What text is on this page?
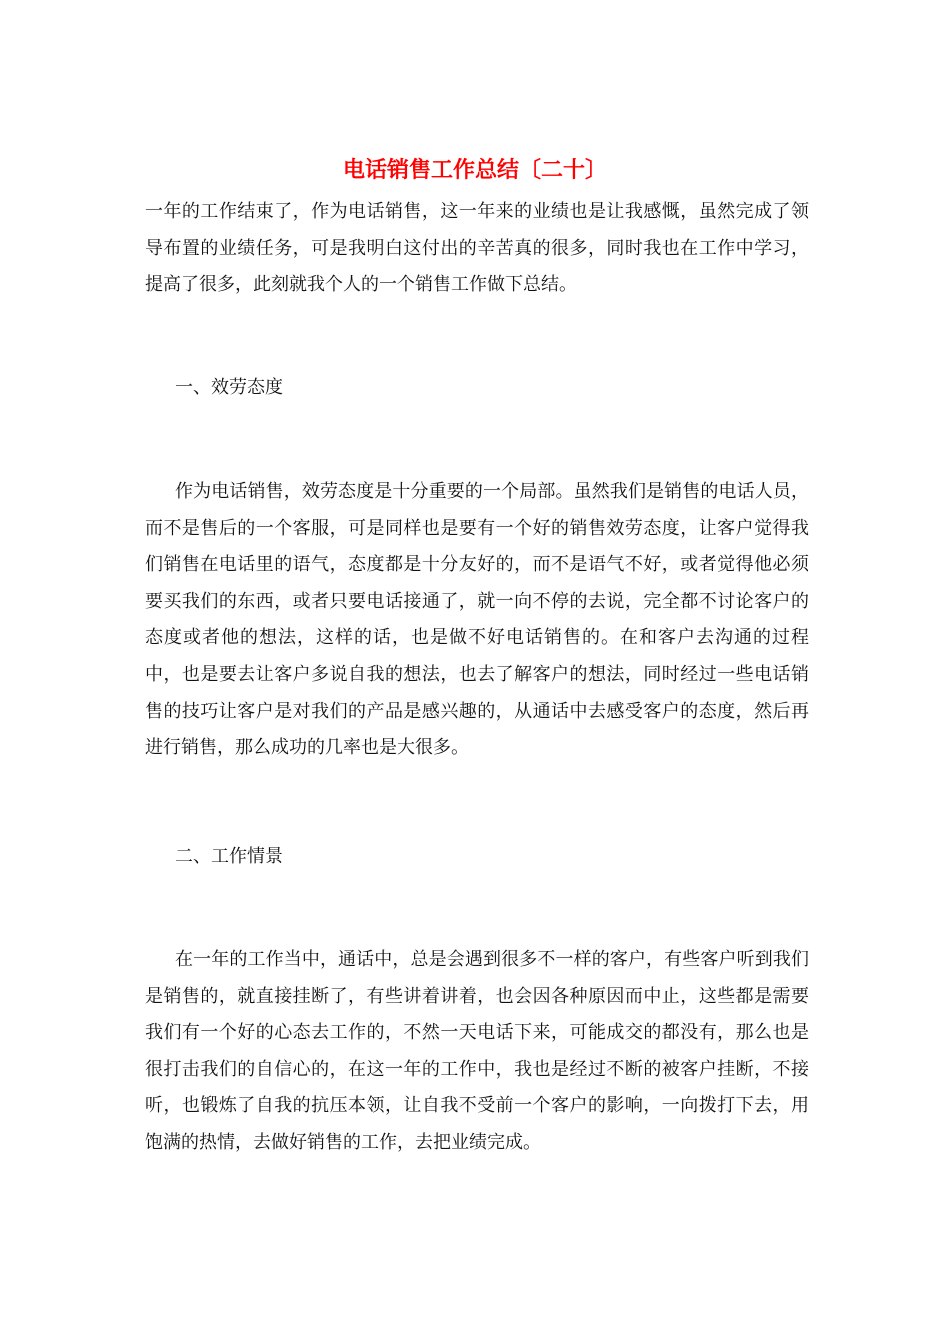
电话销售工作总结〔二十〕

一年的工作结束了，作为电话销售，这一年来的业绩也是让我感慨，虽然完成了领导布置的业绩任务，可是我明白这付出的辛苦真的很多，同时我也在工作中学习，提高了很多，此刻就我个人的一个销售工作做下总结。

一、效劳态度

作为电话销售，效劳态度是十分重要的一个局部。虽然我们是销售的电话人员，而不是售后的一个客服，可是同样也是要有一个好的销售效劳态度，让客户觉得我们销售在电话里的语气，态度都是十分友好的，而不是语气不好，或者觉得他必须要买我们的东西，或者只要电话接通了，就一向不停的去说，完全都不讨论客户的态度或者他的想法，这样的话，也是做不好电话销售的。在和客户去沟通的过程中，也是要去让客户多说自我的想法，也去了解客户的想法，同时经过一些电话销售的技巧让客户是对我们的产品是感兴趣的，从通话中去感受客户的态度，然后再进行销售，那么成功的几率也是大很多。

二、工作情景

在一年的工作当中，通话中，总是会遇到很多不一样的客户，有些客户听到我们是销售的，就直接挂断了，有些讲着讲着，也会因各种原因而中止，这些都是需要我们有一个好的心态去工作的，不然一天电话下来，可能成交的都没有，那么也是很打击我们的自信心的，在这一年的工作中，我也是经过不断的被客户挂断，不接听，也锻炼了自我的抗压本领，让自我不受前一个客户的影响，一向拨打下去，用饱满的热情，去做好销售的工作，去把业绩完成。
